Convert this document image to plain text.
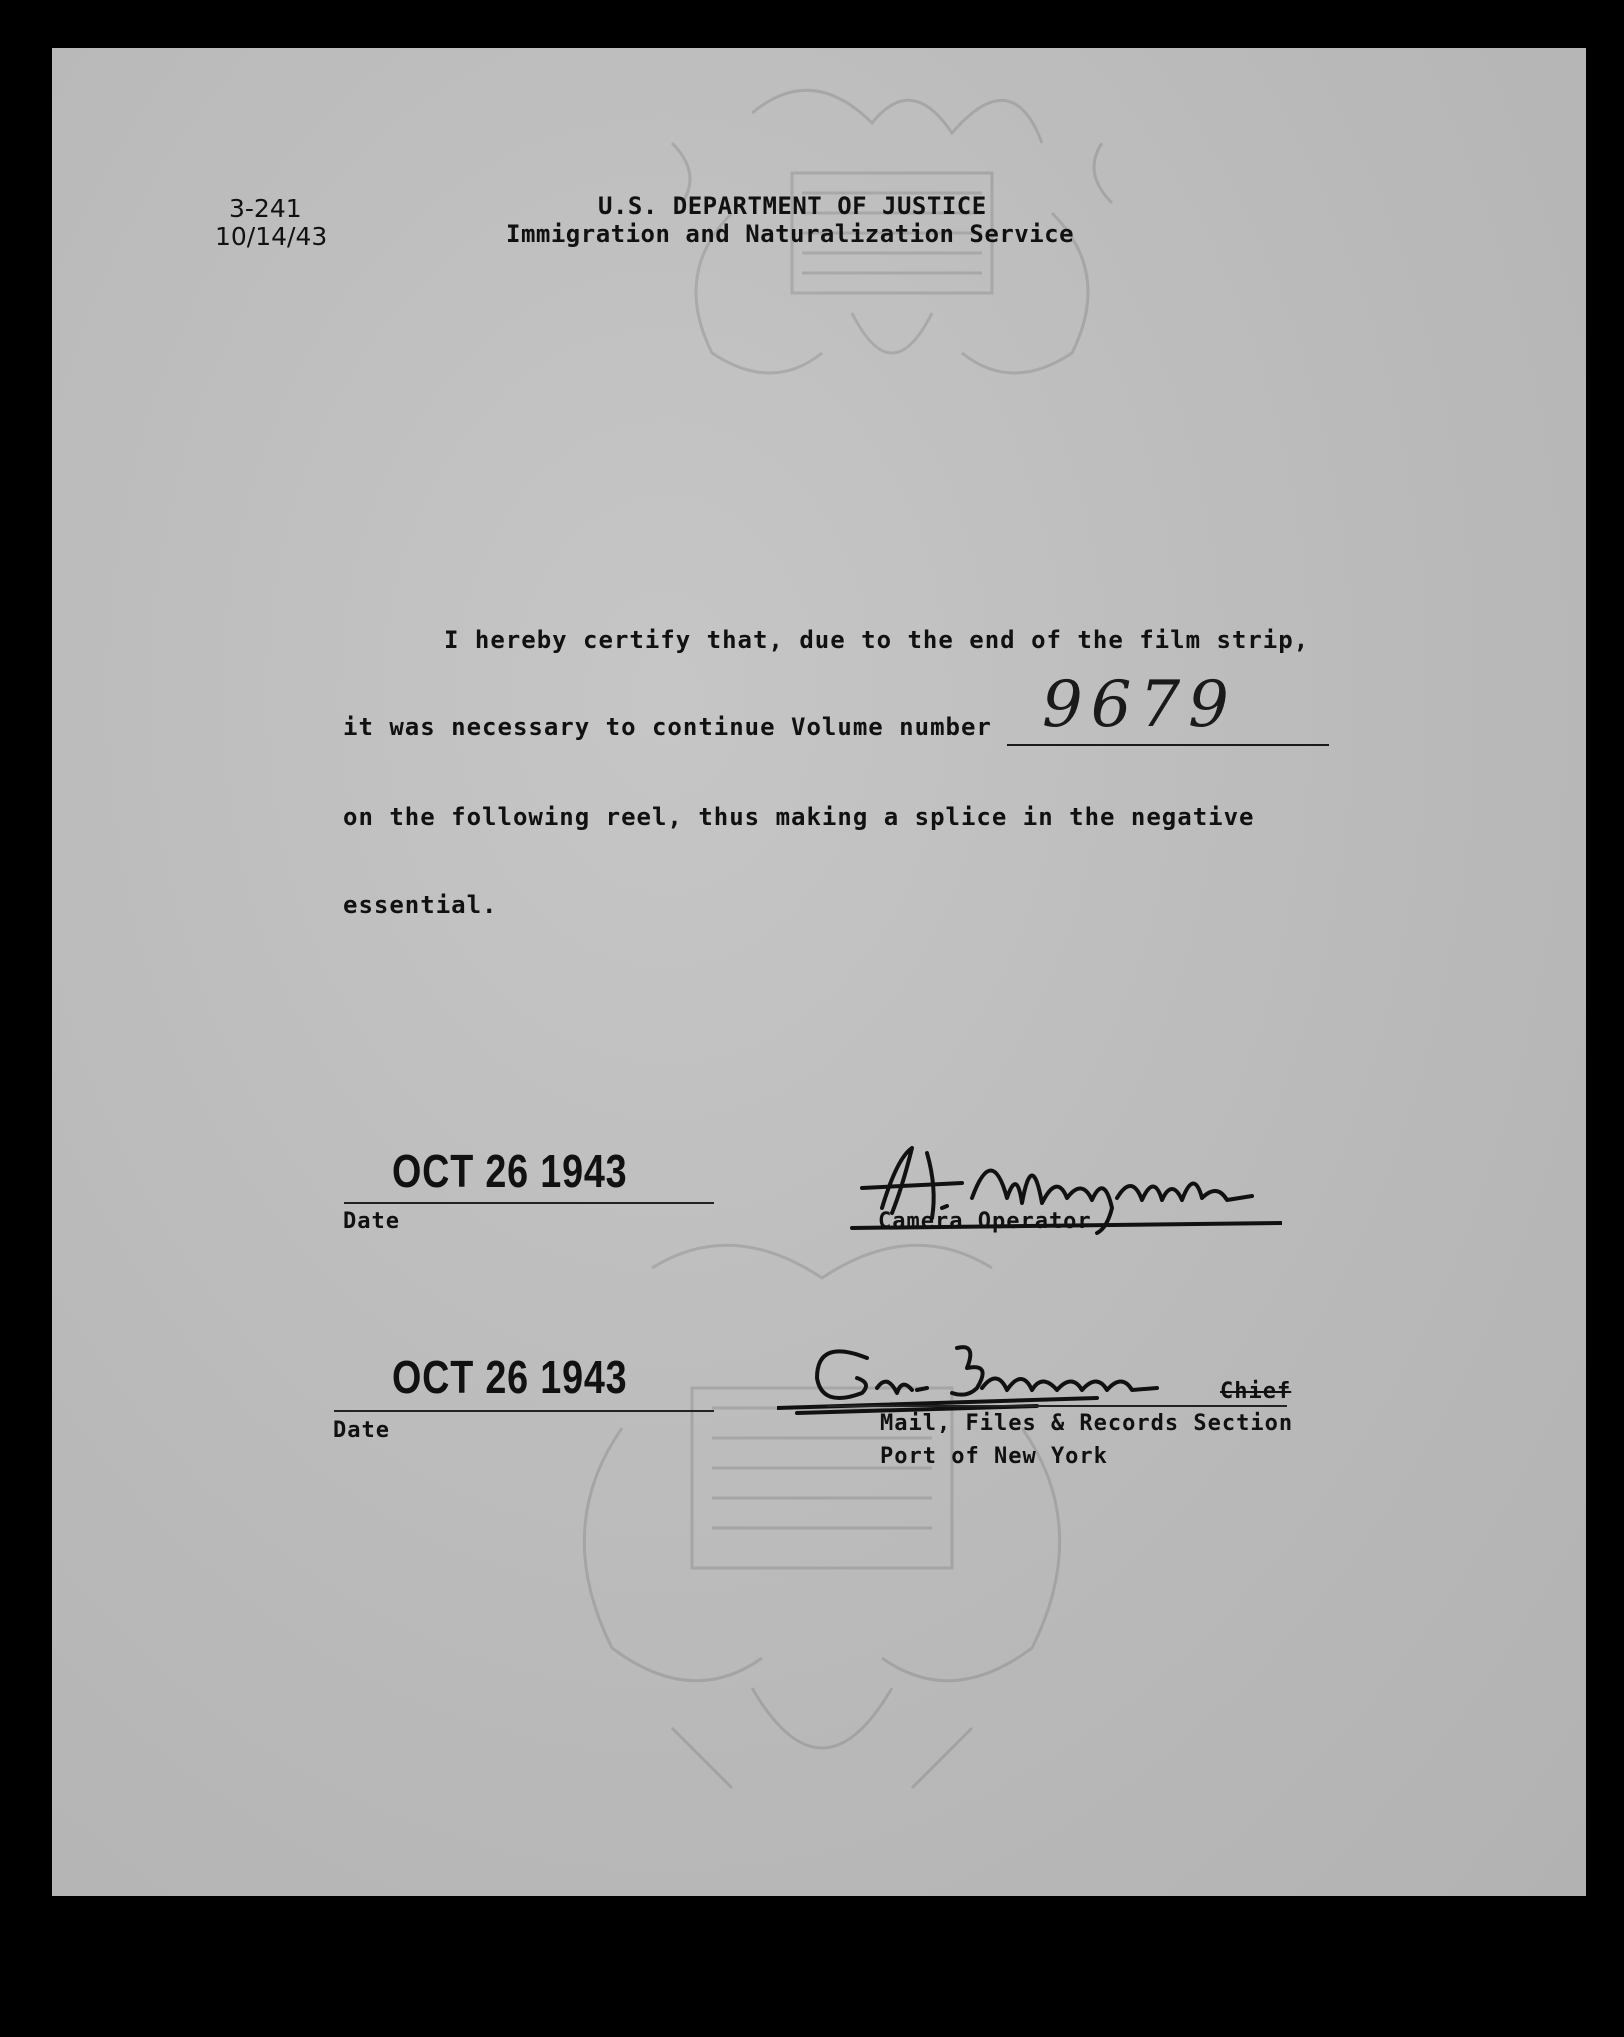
3-241
10/14/43
U.S. DEPARTMENT OF JUSTICE
Immigration and Naturalization Service
I hereby certify that, due to the end of the film strip,
it was necessary to continue Volume number 9679
on the following reel, thus making a splice in the negative
essential.
OCT 26 1943
Date	Camera Operator
OCT 26 1943
Date
Chief
Mail, Files & Records Section
Port of New York
